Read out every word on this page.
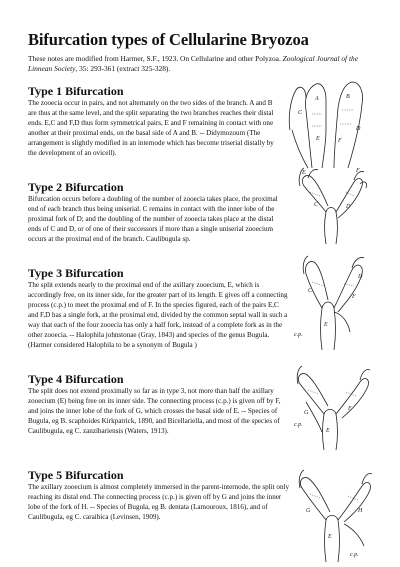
Bifurcation types of Cellularine Bryozoa

These notes are modified from Harmer, S.F., 1923. On Cellularine and other Polyzoa. Zoological Journal of the Linnean Society, 35: 293-361 (extract 325-328).

Type 1 Bifurcation

The zooecia occur in pairs, and not alternately on the two sides of the branch. A and B are thus at the same level, and the split separating the two branches reaches their distal ends. E,C and F,D thus form symmetrical pairs, E and F remaining in contact with one another at their proximal ends, on the basal side of A and B. -- Didymozoum (The arrangement is slightly modified in an internode which has become triserial distally by the development of an ovicell).

A	B
C
D
E	F
Type 2 Bifurcation

Bifurcation occurs before a doubling of the number of zooecia takes place, the proximal end of each branch thus being uniserial. C remains in contact with the inner lobe of the proximal fork of D; and the doubling of the number of zooecia takes place at the distal ends of C and D, or of one of their successors if more than a single uniserial zooecium occurs at the proximal end of the branch. Caulibugula sp.

C	D
E	F
Type 3 Bifurcation

The split extends nearly to the proximal end of the axillary zooecium, E, which is accordingly free, on its inner side, for the greater part of its length. E gives off a connecting process (c.p.) to meet the proximal end of F. In the species figured, each of the pairs E,C and F,D has a single fork, at the proximal end, divided by the common septal wall in such a way that each of the four zooecia has only a half fork, instead of a complete fork as in the other zooecia. -- Halophila johnstonae (Gray, 1843) and species of the genus Bugula. (Harmer considered Halophila to be a synonym of Bugula )

E
F
C
D
c.p.
Type 4 Bifurcation

The split does not extend proximally so far as in type 3, not more than half the axillary zooecium (E) being free on its inner side. The connecting process (c.p.) is given off by F, and joins the inner lobe of the fork of G, which crosses the basal side of E. -- Species of Bugula, eg B. scaphoides Kirkpatrick, 1890, and Bicellariella, and most of the species of Caulibugula, eg C. zanzibariensis (Waters, 1913).	E
F
G
c.p.
Type 5 Bifurcation

The axillary zooecium is almost completely immersed in the parent-internode, the split only reaching its distal end. The connecting process (c.p.) is given off by G and joins the inner lobe of the fork of H. -- Species of Bugula, eg B. dentata (Lamouroux, 1816), and of Caulibugula, eg C. caraibica (Levinsen, 1909).

E
G	H
c.p.
